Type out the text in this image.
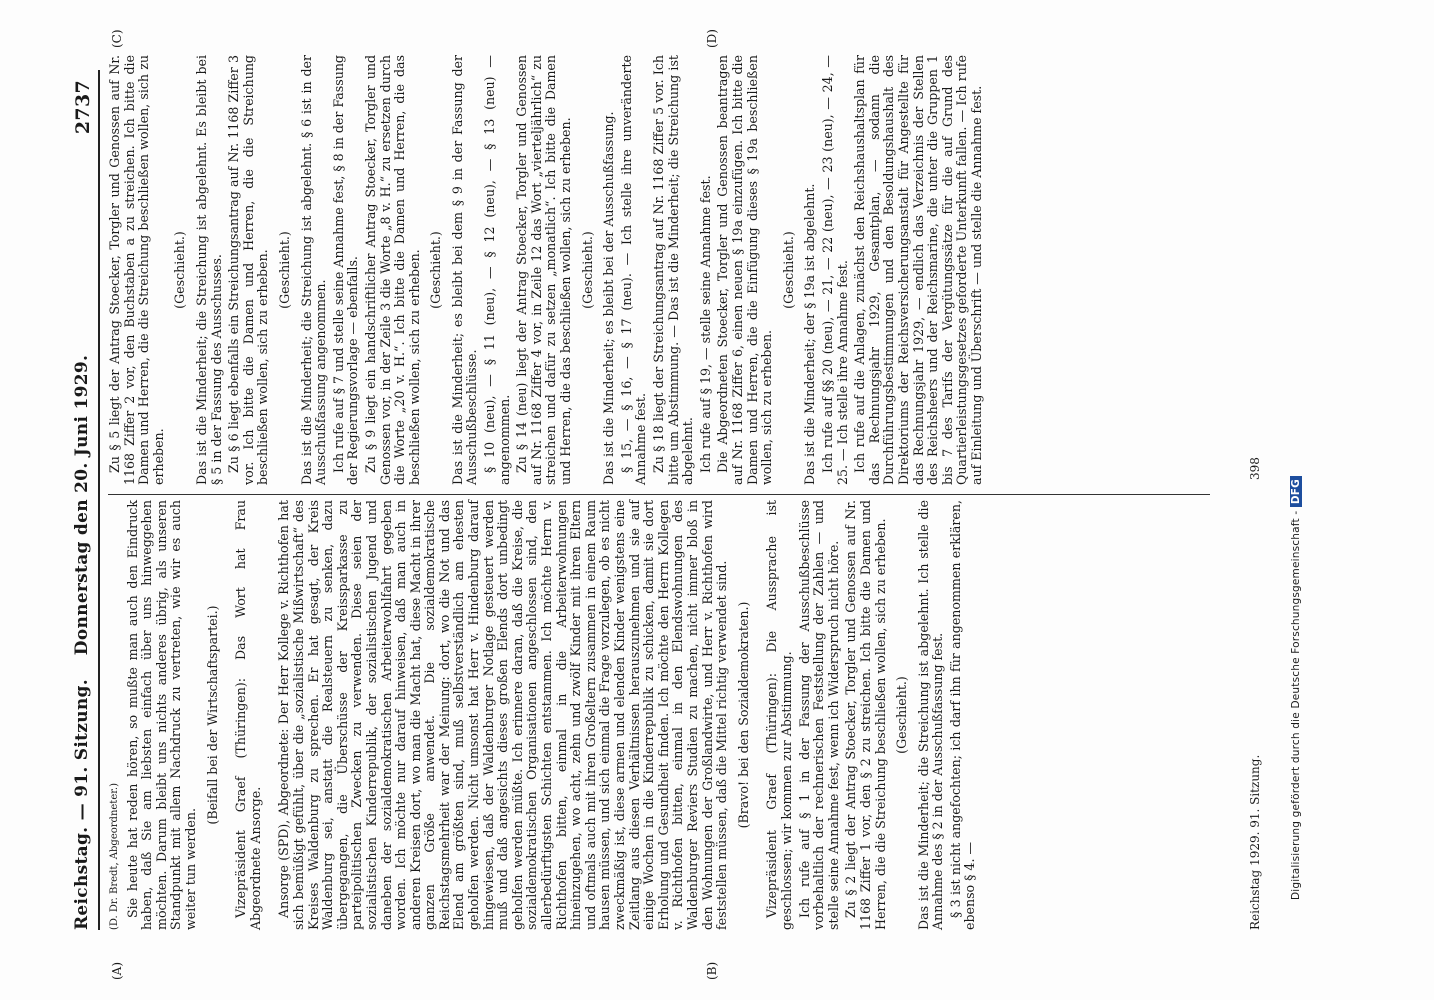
Reichstag. — 91. Sitzung.
Donnerstag den 20. Juni 1929.
2737
(A)	(B)
(C)	(D)

(D. Dr. Bredt, Abgeordneter.) Sie heute hat reden hören, so mußte man auch den Eindruck haben, daß Sie am liebsten einfach über uns hinweggehen möchten. Darum bleibt uns nichts anderes übrig, als unseren Standpunkt mit allem Nachdruck zu vertreten, wie wir es auch weiter tun werden.

(Beifall bei der Wirtschaftspartei.) Vizepräsident Graef (Thüringen): Das Wort hat Frau Abgeordnete Ansorge. Ansorge (SPD), Abgeordnete: Der Herr Kollege v. Richthofen hat sich bemüßigt gefühlt, über die „sozialistische Mißwirtschaft“ des Kreises Waldenburg zu sprechen. Er hat gesagt, der Kreis Waldenburg sei, anstatt die Realsteuern zu senken, dazu übergegangen, die Überschüsse der Kreissparkasse zu parteipolitischen Zwecken zu verwenden. Diese seien der sozialistischen Kinderrepublik, der sozialistischen Jugend und daneben der sozialdemokratischen Arbeiterwohlfahrt gegeben worden. Ich möchte nur darauf hinweisen, daß man auch in anderen Kreisen dort, wo man die Macht hat, diese Macht in ihrer ganzen Größe anwendet. Die sozialdemokratische Reichstagsmehrheit war der Meinung: dort, wo die Not und das Elend am größten sind, muß selbstverständlich am ehesten geholfen werden. Nicht umsonst hat Herr v. Hindenburg darauf hingewiesen, daß der Waldenburger Notlage gesteuert werden muß und daß angesichts dieses großen Elends dort unbedingt geholfen werden müßte. Ich erinnere daran, daß die Kreise, die sozialdemokratischen Organisationen angeschlossen sind, den allerbedürftigsten Schichten entstammen. Ich möchte Herrn v. Richthofen bitten, einmal in die Arbeiterwohnungen hineinzugehen, wo acht, zehn und zwölf Kinder mit ihren Eltern und oftmals auch mit ihren Großeltern zusammen in einem Raum hausen müssen, und sich einmal die Frage vorzulegen, ob es nicht zweckmäßig ist, diese armen und elenden Kinder wenigstens eine Zeitlang aus diesen Verhältnissen herauszunehmen und sie auf einige Wochen in die Kinderrepublik zu schicken, damit sie dort Erholung und Gesundheit finden. Ich möchte den Herrn Kollegen v. Richthofen bitten, einmal in den Elendswohnungen des Waldenburger Reviers Studien zu machen, nicht immer bloß in den Wohnungen der Großlandwirte, und Herr v. Richthofen wird feststellen müssen, daß die Mittel richtig verwendet sind. (Bravo! bei den Sozialdemokraten.) Vizepräsident Graef (Thüringen): Die Aussprache ist geschlossen; wir kommen zur Abstimmung. Ich rufe auf § 1 in der Fassung der Ausschußbeschlüsse vorbehaltlich der rechnerischen Feststellung der Zahlen — und stelle seine Annahme fest, wenn ich Widerspruch nicht höre. Zu § 2 liegt der Antrag Stoecker, Torgler und Genossen auf Nr. 1168 Ziffer 1 vor, den § 2 zu streichen. Ich bitte die Damen und Herren, die die Streichung beschließen wollen, sich zu erheben. (Geschieht.) Das ist die Minderheit; die Streichung ist abgelehnt. Ich stelle die Annahme des § 2 in der Ausschußfassung fest. § 3 ist nicht angefochten; ich darf ihn für angenommen erklären, ebenso § 4. —

Zu § 5 liegt der Antrag Stoecker, Torgler und Genossen auf Nr. 1168 Ziffer 2 vor, den Buchstaben a zu streichen. Ich bitte die Damen und Herren, die die Streichung beschließen wollen, sich zu erheben.

(Geschieht.) Das ist die Minderheit; die Streichung ist abgelehnt. Es bleibt bei § 5 in der Fassung des Ausschusses. Zu § 6 liegt ebenfalls ein Streichungsantrag auf Nr. 1168 Ziffer 3 vor. Ich bitte die Damen und Herren, die die Streichung beschließen wollen, sich zu erheben. (Geschieht.) Das ist die Minderheit; die Streichung ist abgelehnt. § 6 ist in der Ausschußfassung angenommen. Ich rufe auf § 7 und stelle seine Annahme fest, § 8 in der Fassung der Regierungsvorlage — ebenfalls. Zu § 9 liegt ein handschriftlicher Antrag Stoecker, Torgler und Genossen vor, in der Zeile 3 die Worte „8 v. H.“ zu ersetzen durch die Worte „20 v. H.“. Ich bitte die Damen und Herren, die das beschließen wollen, sich zu erheben. (Geschieht.) Das ist die Minderheit; es bleibt bei dem § 9 in der Fassung der Ausschußbeschlüsse. § 10 (neu), — § 11 (neu), — § 12 (neu), — § 13 (neu) — angenommen. Zu § 14 (neu) liegt der Antrag Stoecker, Torgler und Genossen auf Nr. 1168 Ziffer 4 vor, in Zeile 12 das Wort „vierteljährlich“ zu streichen und dafür zu setzen „monatlich“. Ich bitte die Damen und Herren, die das beschließen wollen, sich zu erheben. (Geschieht.) Das ist die Minderheit; es bleibt bei der Ausschußfassung. § 15, — § 16, — § 17 (neu). — Ich stelle ihre unveränderte Annahme fest. Zu § 18 liegt der Streichungsantrag auf Nr. 1168 Ziffer 5 vor. Ich bitte um Abstimmung. — Das ist die Minderheit; die Streichung ist abgelehnt. Ich rufe auf § 19, — stelle seine Annahme fest. Die Abgeordneten Stoecker, Torgler und Genossen beantragen auf Nr. 1168 Ziffer 6, einen neuen § 19a einzufügen. Ich bitte die Damen und Herren, die die Einfügung dieses § 19a beschließen wollen, sich zu erheben.

(Geschieht.) Das ist die Minderheit; der § 19a ist abgelehnt. Ich rufe auf §§ 20 (neu), — 21, — 22 (neu), — 23 (neu), — 24, — 25. — Ich stelle ihre Annahme fest. Ich rufe auf die Anlagen, zunächst den Reichshaushaltsplan für das Rechnungsjahr 1929, Gesamtplan, — sodann die Durchführungsbestimmungen und den Besoldungshaushalt des Direktoriums der Reichsversicherungsanstalt für Angestellte für das Rechnungsjahr 1929, — endlich das Verzeichnis der Stellen des Reichsheers und der Reichsmarine, die unter die Gruppen 1 bis 7 des Tarifs der Vergütungssätze für die auf Grund des Quartierleistungsgesetzes geforderte Unterkunft fallen. — Ich rufe auf Einleitung und Überschrift — und stelle die Annahme fest.

Reichstag 1929. 91. Sitzung.
398
Digitalisierung gefördert durch die Deutsche Forschungsgemeinschaft - DFG
